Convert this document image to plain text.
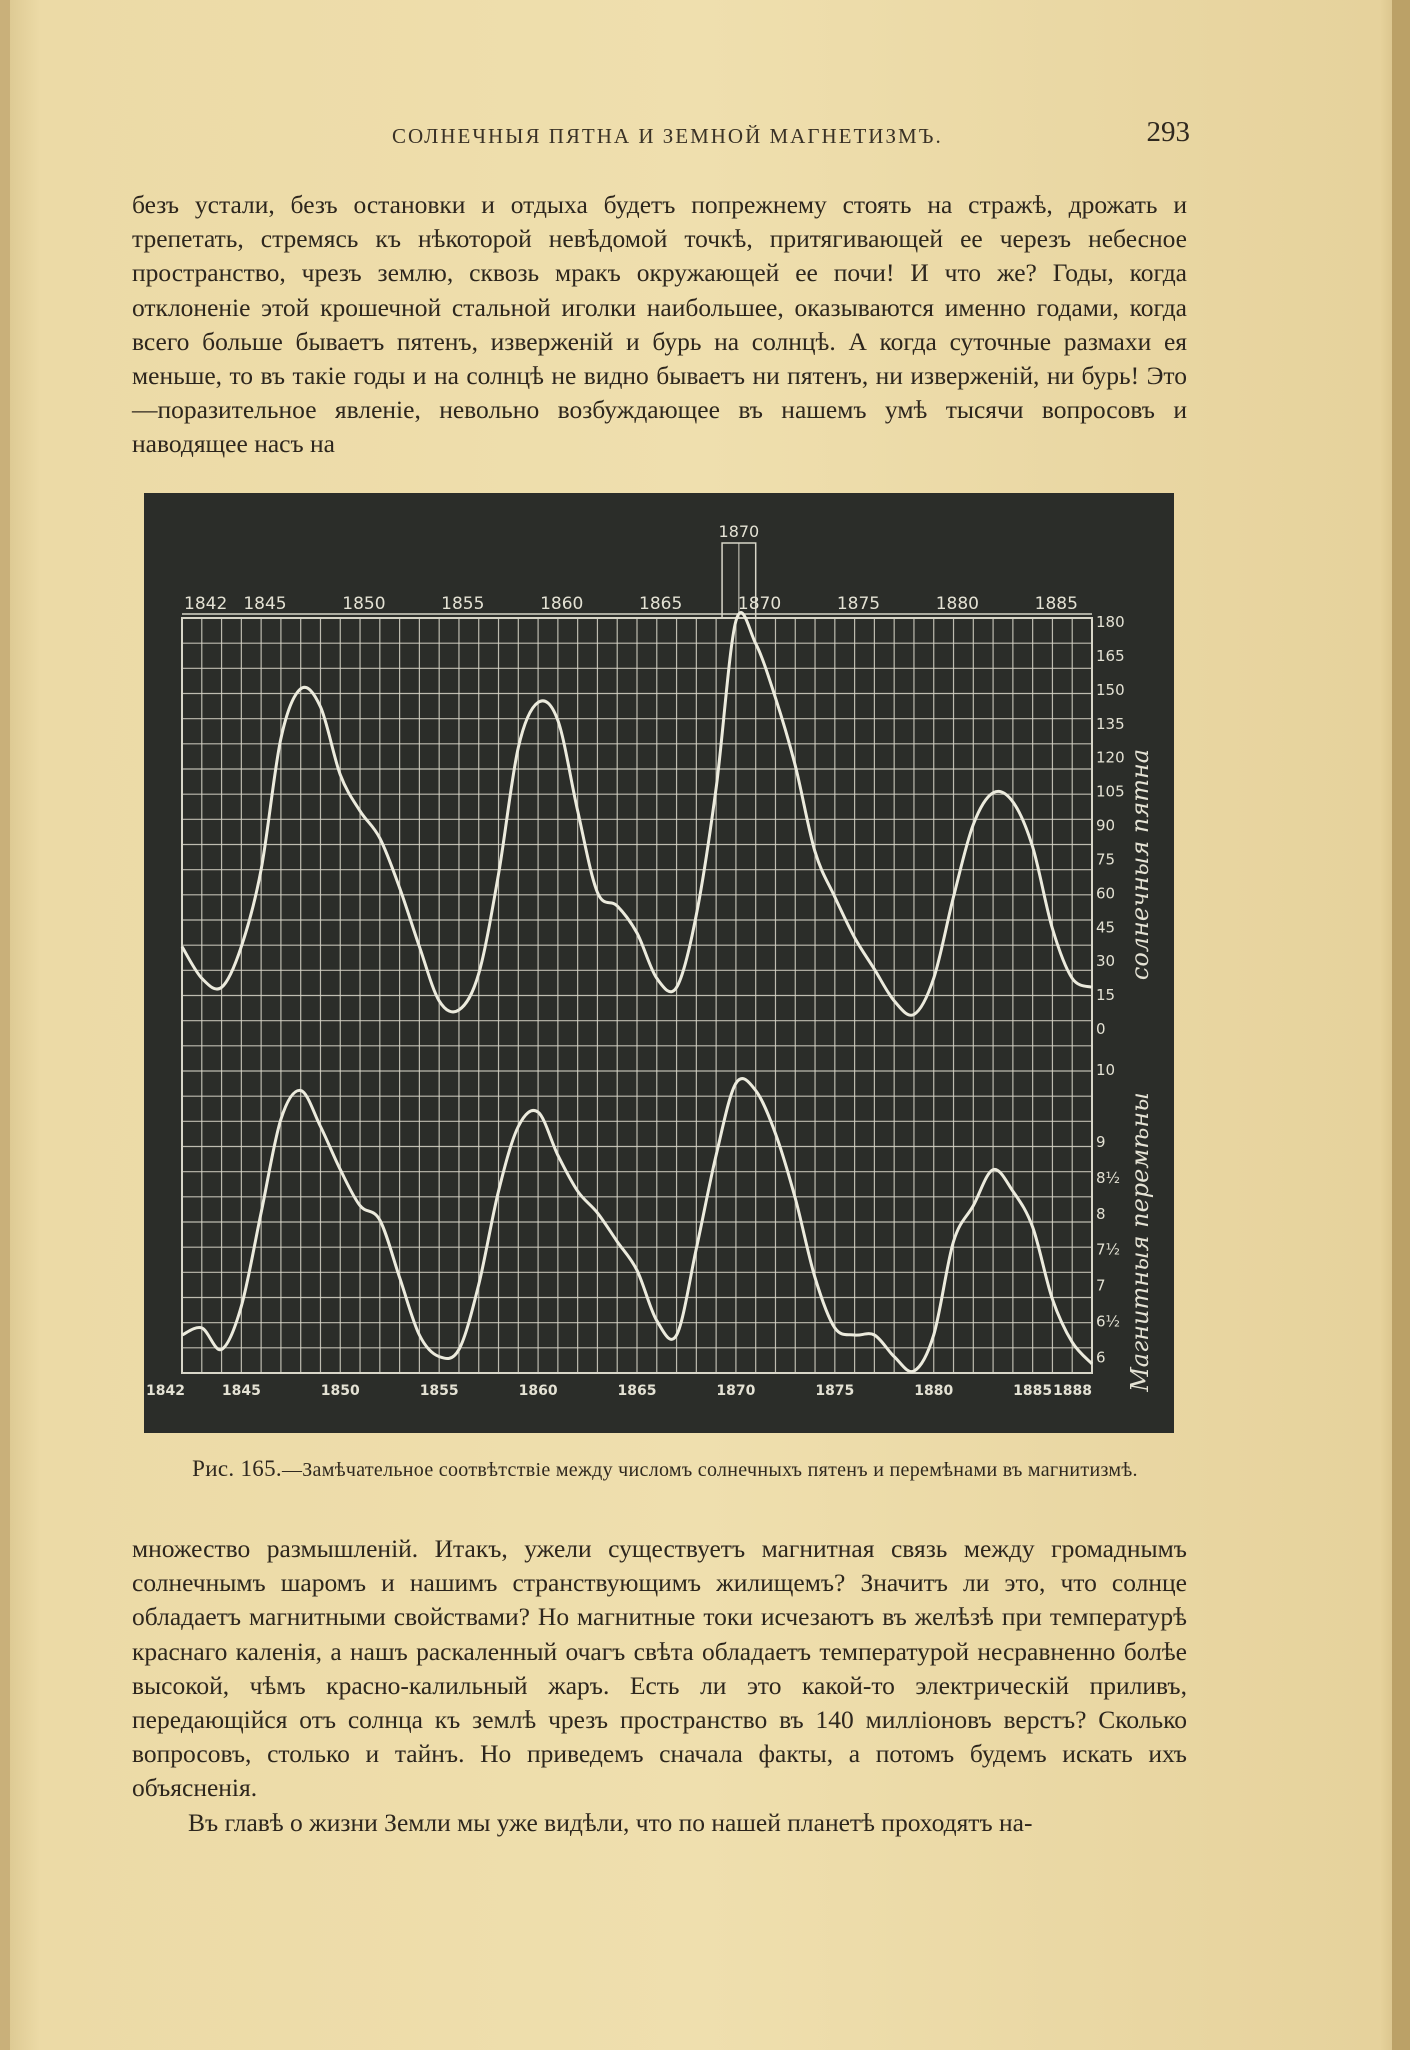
СОЛНЕЧНЫЯ ПЯТНА И ЗЕМНОЙ МАГНЕТИЗМЪ.	293

безъ устали, безъ остановки и отдыха будетъ попрежнему стоять на стражѣ, дрожать и трепетать, стремясь къ нѣкоторой невѣдомой точкѣ, притягивающей ее черезъ небесное пространство, чрезъ землю, сквозь мракъ окружающей ее почи! И что же? Годы, когда отклоненіе этой крошечной стальной иголки наибольшее, оказываются именно годами, когда всего больше бываетъ пятенъ, изверженій и бурь на солнцѣ. А когда суточные размахи ея меньше, то въ такіе годы и на солнцѣ не видно бываетъ ни пятенъ, ни изверженій, ни бурь! Это—поразительное явленіе, невольно возбуждающее въ нашемъ умѣ тысячи вопросовъ и наводящее насъ на

1842 1845	1850	1855	1860	1865	1870	1875	1880	1885
1870
1842	1845	1850	1855	1860	1865	1870	1875	1880	1885 1888
180
165
150
135
120
105
90
75
60
45
30
15
0
10
9
8½
8
7½
7
6½
6
солнечныя пятна
Магнитныя перемѣны
Рис. 165.—Замѣчательное соотвѣтствіе между числомъ солнечныхъ пятенъ и перемѣнами въ магнитизмѣ.

множество размышленій. Итакъ, ужели существуетъ магнитная связь между громаднымъ солнечнымъ шаромъ и нашимъ странствующимъ жилищемъ? Значитъ ли это, что солнце обладаетъ магнитными свойствами? Но магнитные токи исчезаютъ въ желѣзѣ при температурѣ краснаго каленія, а нашъ раскаленный очагъ свѣта обладаетъ температурой несравненно болѣе высокой, чѣмъ красно-калильный жаръ. Есть ли это какой-то электрическій приливъ, передающійся отъ солнца къ землѣ чрезъ пространство въ 140 милліоновъ верстъ? Сколько вопросовъ, столько и тайнъ. Но приведемъ сначала факты, а потомъ будемъ искать ихъ объясненія.

Въ главѣ о жизни Земли мы уже видѣли, что по нашей планетѣ проходятъ на-
